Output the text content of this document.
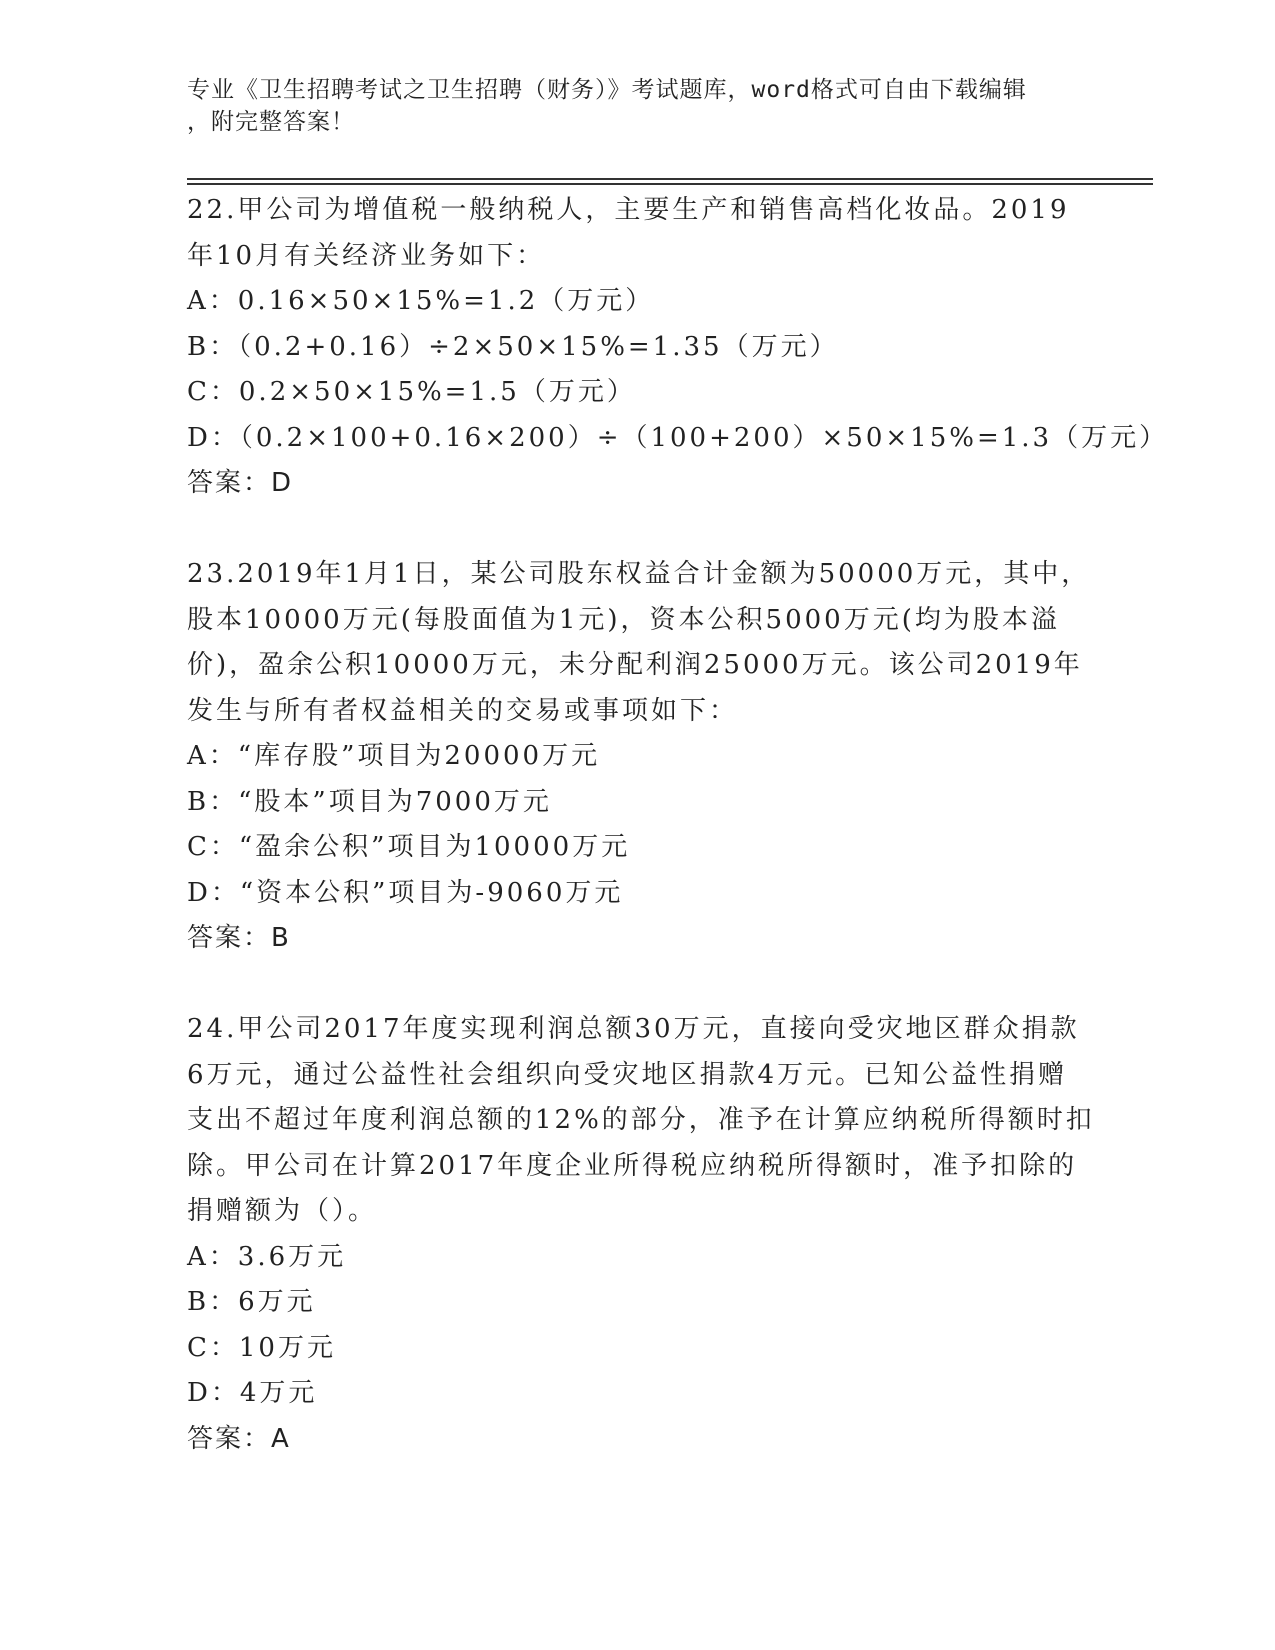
专业《卫生招聘考试之卫生招聘（财务）》考试题库，word格式可自由下载编辑
，附完整答案！
22.甲公司为增值税一般纳税人，主要生产和销售高档化妆品。2019
年10月有关经济业务如下：
A：0.16×50×15%=1.2（万元）
B：（0.2+0.16）÷2×50×15%=1.35（万元）
C：0.2×50×15%=1.5（万元）
D：（0.2×100+0.16×200）÷（100+200）×50×15%=1.3（万元）
答案：D
23.2019年1月1日，某公司股东权益合计金额为50000万元，其中，
股本10000万元(每股面值为1元)，资本公积5000万元(均为股本溢
价)，盈余公积10000万元，未分配利润25000万元。该公司2019年
发生与所有者权益相关的交易或事项如下：
A：“库存股”项目为20000万元
B：“股本”项目为7000万元
C：“盈余公积”项目为10000万元
D：“资本公积”项目为-9060万元
答案：B
24.甲公司2017年度实现利润总额30万元，直接向受灾地区群众捐款
6万元，通过公益性社会组织向受灾地区捐款4万元。已知公益性捐赠
支出不超过年度利润总额的12%的部分，准予在计算应纳税所得额时扣
除。甲公司在计算2017年度企业所得税应纳税所得额时，准予扣除的
捐赠额为（）。
A：3.6万元
B：6万元
C：10万元
D：4万元
答案：A
